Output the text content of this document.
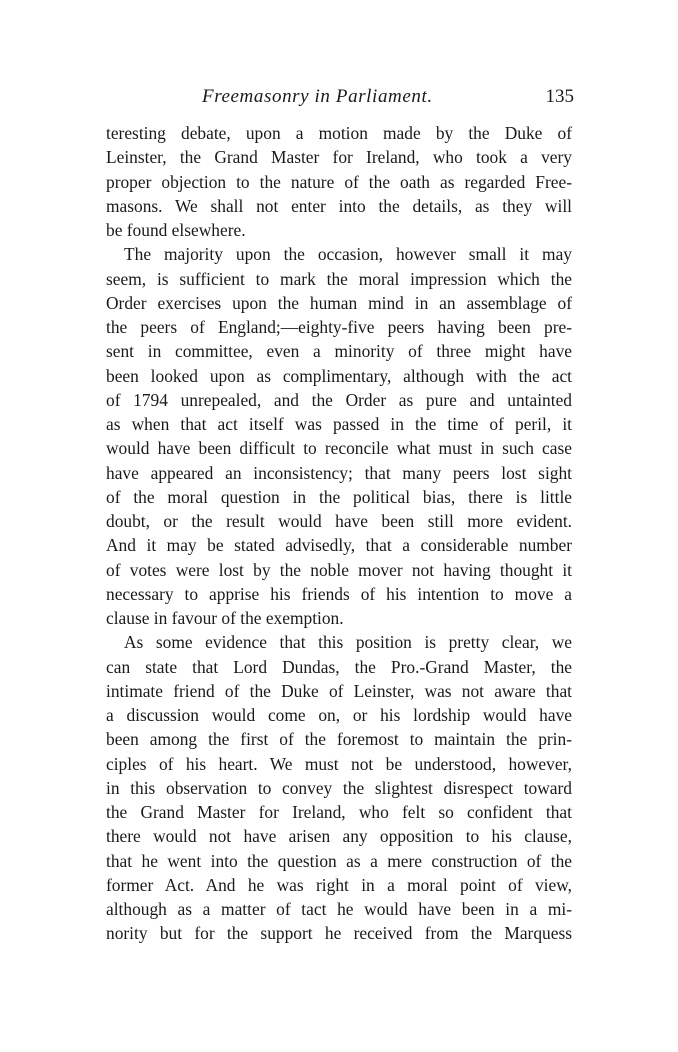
Freemasonry in Parliament.	135
teresting debate, upon a motion made by the Duke of
Leinster, the Grand Master for Ireland, who took a very
proper objection to the nature of the oath as regarded Free-
masons. We shall not enter into the details, as they will
be found elsewhere.
The majority upon the occasion, however small it may
seem, is sufficient to mark the moral impression which the
Order exercises upon the human mind in an assemblage of
the peers of England;—eighty-five peers having been pre-
sent in committee, even a minority of three might have
been looked upon as complimentary, although with the act
of 1794 unrepealed, and the Order as pure and untainted
as when that act itself was passed in the time of peril, it
would have been difficult to reconcile what must in such case
have appeared an inconsistency; that many peers lost sight
of the moral question in the political bias, there is little
doubt, or the result would have been still more evident.
And it may be stated advisedly, that a considerable number
of votes were lost by the noble mover not having thought it
necessary to apprise his friends of his intention to move a
clause in favour of the exemption.
As some evidence that this position is pretty clear, we
can state that Lord Dundas, the Pro.-Grand Master, the
intimate friend of the Duke of Leinster, was not aware that
a discussion would come on, or his lordship would have
been among the first of the foremost to maintain the prin-
ciples of his heart. We must not be understood, however,
in this observation to convey the slightest disrespect toward
the Grand Master for Ireland, who felt so confident that
there would not have arisen any opposition to his clause,
that he went into the question as a mere construction of the
former Act. And he was right in a moral point of view,
although as a matter of tact he would have been in a mi-
nority but for the support he received from the Marquess
